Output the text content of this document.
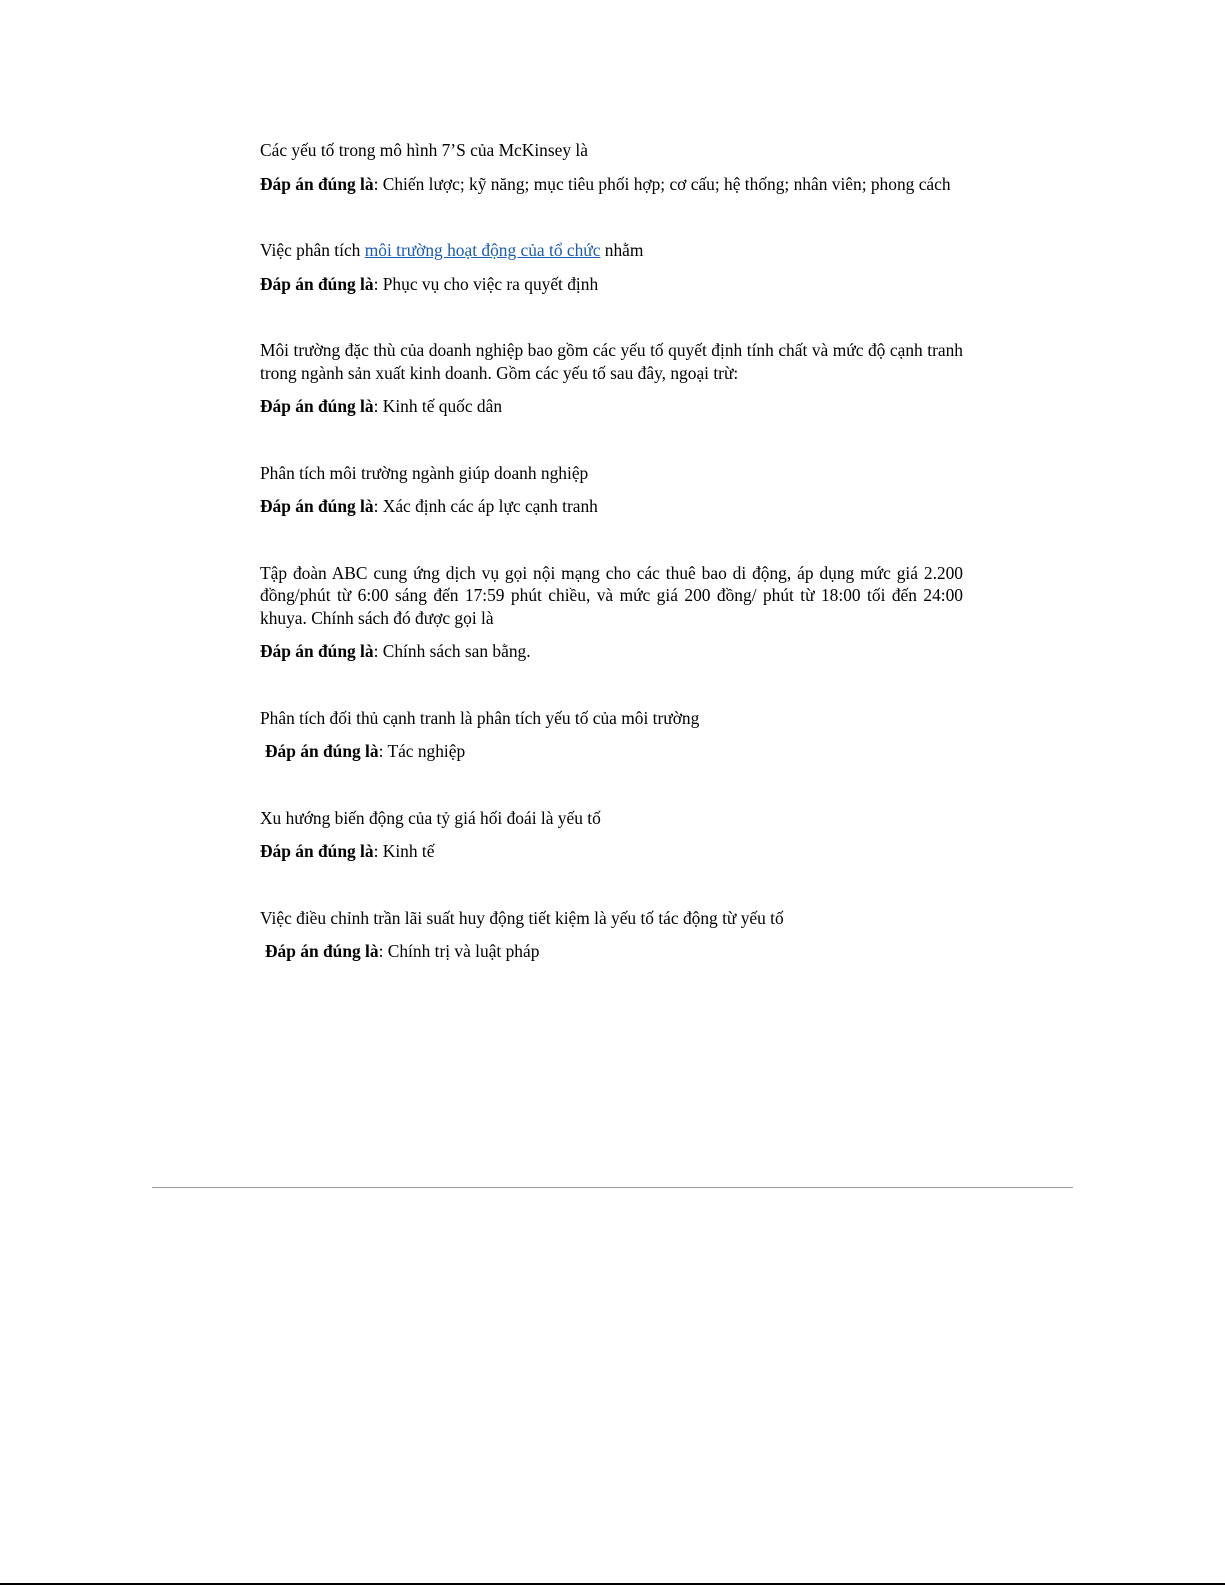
Các yếu tố trong mô hình 7’S của McKinsey là

Đáp án đúng là: Chiến lược; kỹ năng; mục tiêu phối hợp; cơ cấu; hệ thống; nhân viên; phong cách

Việc phân tích môi trường hoạt động của tổ chức nhằm

Đáp án đúng là: Phục vụ cho việc ra quyết định

Môi trường đặc thù của doanh nghiệp bao gồm các yếu tố quyết định tính chất và mức độ cạnh tranh trong ngành sản xuất kinh doanh. Gồm các yếu tố sau đây, ngoại trừ:

Đáp án đúng là: Kinh tế quốc dân

Phân tích môi trường ngành giúp doanh nghiệp

Đáp án đúng là: Xác định các áp lực cạnh tranh

Tập đoàn ABC cung ứng dịch vụ gọi nội mạng cho các thuê bao di động, áp dụng mức giá 2.200 đồng/phút từ 6:00 sáng đến 17:59 phút chiều, và mức giá 200 đồng/ phút từ 18:00 tối đến 24:00 khuya. Chính sách đó được gọi là

Đáp án đúng là: Chính sách san bằng.

Phân tích đối thủ cạnh tranh là phân tích yếu tố của môi trường

Đáp án đúng là: Tác nghiệp

Xu hướng biến động của tỷ giá hối đoái là yếu tố

Đáp án đúng là: Kinh tế

Việc điều chỉnh trần lãi suất huy động tiết kiệm là yếu tố tác động từ yếu tố

Đáp án đúng là: Chính trị và luật pháp
